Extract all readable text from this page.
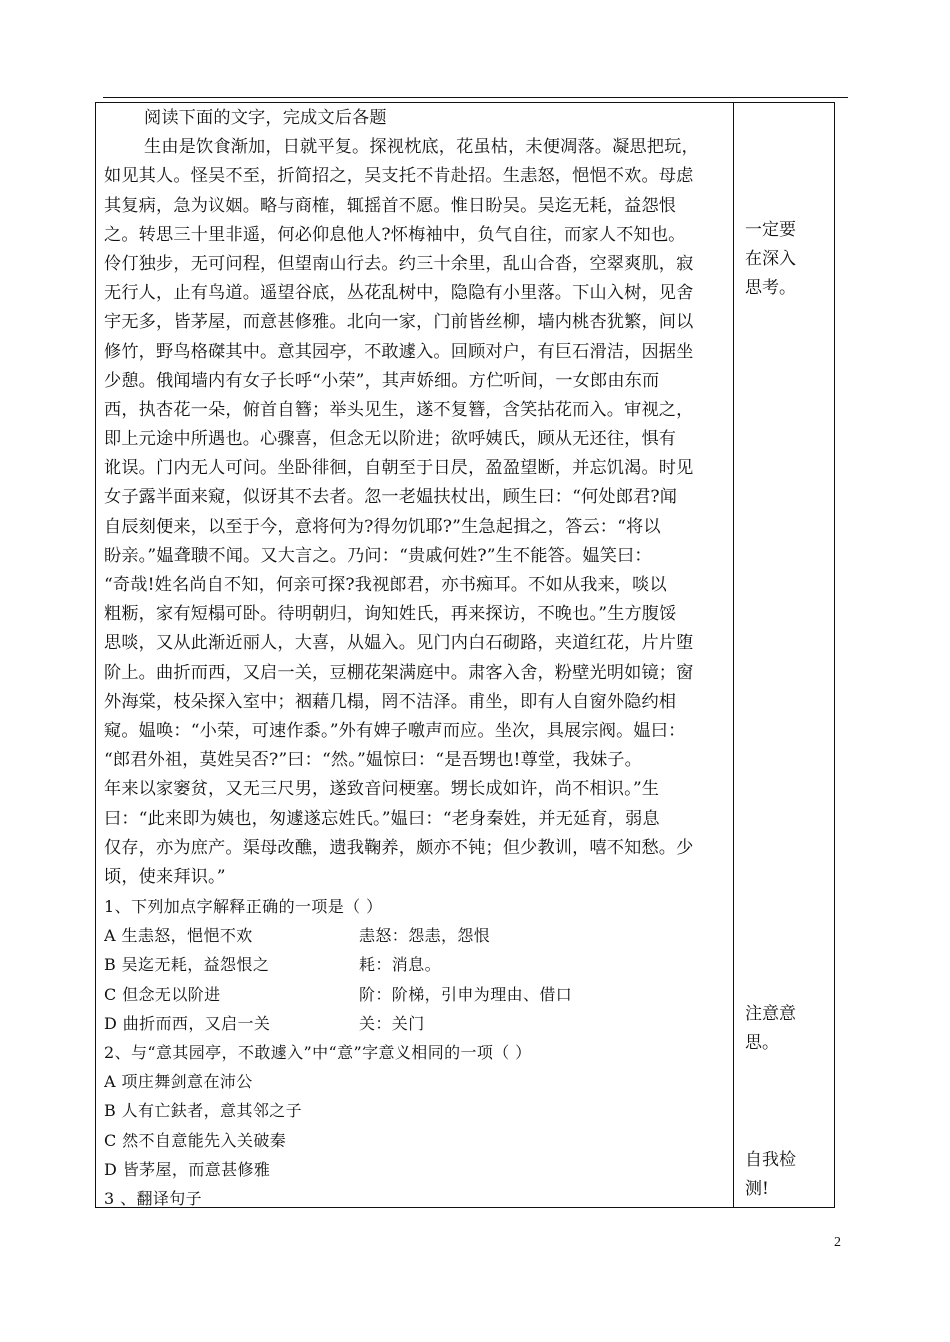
阅读下面的文字，完成文后各题
生由是饮食渐加，日就平复。探视枕底，花虽枯，未便凋落。凝思把玩，
如见其人。怪吴不至，折简招之，吴支托不肯赴招。生恚怒，悒悒不欢。母虑
其复病，急为议姻。略与商榷，辄摇首不愿。惟日盼吴。吴迄无耗，益怨恨
之。转思三十里非遥，何必仰息他人?怀梅袖中，负气自往，而家人不知也。
伶仃独步，无可问程，但望南山行去。约三十余里，乱山合沓，空翠爽肌，寂
无行人，止有鸟道。遥望谷底，丛花乱树中，隐隐有小里落。下山入树，见舍
宇无多，皆茅屋，而意甚修雅。北向一家，门前皆丝柳，墙内桃杏犹繁，间以
修竹，野鸟格磔其中。意其园亭，不敢遽入。回顾对户，有巨石滑洁，因据坐
少憩。俄闻墙内有女子长呼“小荣”，其声娇细。方伫听间，一女郎由东而
西，执杏花一朵，俯首自簪；举头见生，遂不复簪，含笑拈花而入。审视之，
即上元途中所遇也。心骤喜，但念无以阶进；欲呼姨氏，顾从无还往，惧有
讹误。门内无人可问。坐卧徘徊，自朝至于日昃，盈盈望断，并忘饥渴。时见
女子露半面来窥，似讶其不去者。忽一老媪扶杖出，顾生曰：“何处郎君?闻
自辰刻便来，以至于今，意将何为?得勿饥耶?”生急起揖之，答云：“将以
盼亲。”媪聋聩不闻。又大言之。乃问：“贵戚何姓?”生不能答。媪笑曰：
“奇哉!姓名尚自不知，何亲可探?我视郎君，亦书痴耳。不如从我来，啖以
粗粝，家有短榻可卧。待明朝归，询知姓氏，再来探访，不晚也。”生方腹馁
思啖，又从此渐近丽人，大喜，从媪入。见门内白石砌路，夹道红花，片片堕
阶上。曲折而西，又启一关，豆棚花架满庭中。肃客入舍，粉壁光明如镜；窗
外海棠，枝朵探入室中；裀藉几榻，罔不洁泽。甫坐，即有人自窗外隐约相
窥。媪唤：“小荣，可速作黍。”外有婢子噭声而应。坐次，具展宗阀。媪曰：
“郎君外祖，莫姓吴否?”曰：“然。”媪惊曰：“是吾甥也!尊堂，我妹子。
年来以家窭贫，又无三尺男，遂致音问梗塞。甥长成如许，尚不相识。”生
曰：“此来即为姨也，匆遽遂忘姓氏。”媪曰：“老身秦姓，并无延育，弱息
仅存，亦为庶产。渠母改醮，遗我鞠养，颇亦不钝；但少教训，嘻不知愁。少
顷，使来拜识。”
1、下列加点字解释正确的一项是（ ）
A 生恚怒，悒悒不欢	恚怒：怨恚，怨恨
B 吴迄无耗，益怨恨之	耗：消息。
C 但念无以阶进	阶：阶梯，引申为理由、借口
D 曲折而西，又启一关	关：关门
2、与“意其园亭，不敢遽入”中“意”字意义相同的一项（ ）
A 项庄舞剑意在沛公
B 人有亡鈇者，意其邻之子
C 然不自意能先入关破秦
D 皆茅屋，而意甚修雅
3 、翻译句子
一定要
在深入
思考。
注意意
思。
自我检
测!
2
